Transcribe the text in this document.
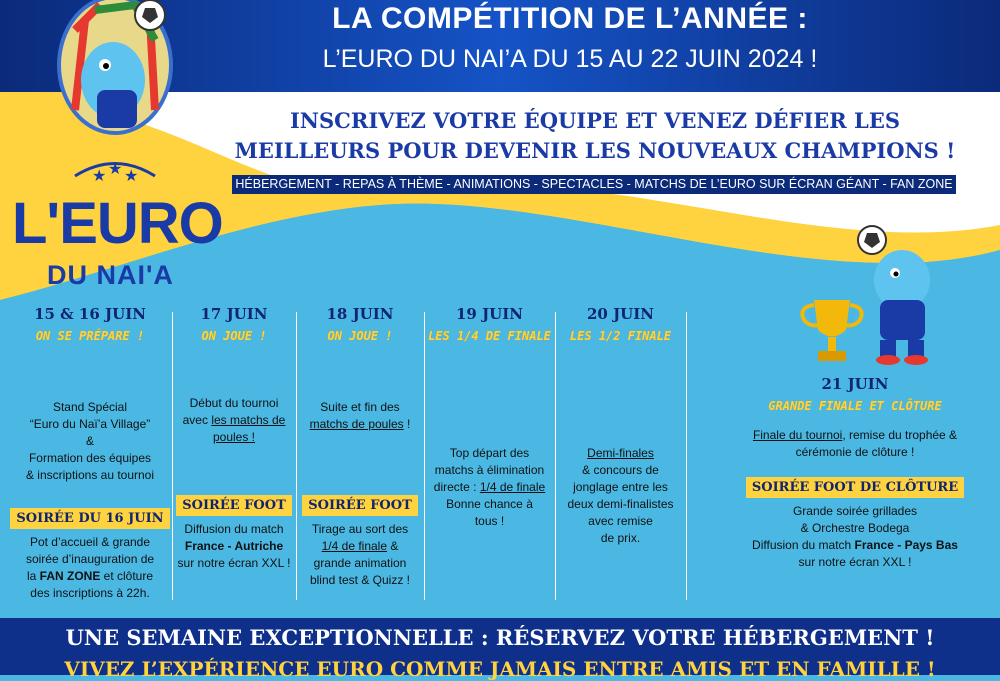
LA COMPÉTITION DE L’ANNÉE :
L’EURO DU NAI’A DU 15 AU 22 JUIN 2024 !
★ ★ ★
L'EURO
DU NAI'A
INSCRIVEZ VOTRE ÉQUIPE ET VENEZ DÉFIER LES
MEILLEURS POUR DEVENIR LES NOUVEAUX CHAMPIONS !
HÉBERGEMENT - REPAS À THÈME - ANIMATIONS - SPECTACLES - MATCHS DE L’EURO SUR ÉCRAN GÉANT - FAN ZONE
15 & 16 JUIN
ON SE PRÉPARE !
Stand Spécial
“Euro du Naï’a Village”
&
Formation des équipes
& inscriptions au tournoi
SOIRÉE DU 16 JUIN
Pot d’accueil & grande
soirée d’inauguration de
la FAN ZONE et clôture
des inscriptions à 22h.
17 JUIN
ON JOUE !
Début du tournoi
avec les matchs de
poules !
SOIRÉE FOOT
Diffusion du match
France - Autriche
sur notre écran XXL !
18 JUIN
ON JOUE !
Suite et fin des
matchs de poules !
SOIRÉE FOOT
Tirage au sort des
1/4 de finale &
grande animation
blind test & Quizz !
19 JUIN
LES 1/4 DE FINALE
Top départ des
matchs à élimination
directe : 1/4 de finale
Bonne chance à
tous !
20 JUIN
LES 1/2 FINALE
Demi-finales
& concours de
jonglage entre les
deux demi-finalistes
avec remise
de prix.
21 JUIN
GRANDE FINALE ET CLÔTURE
Finale du tournoi, remise du trophée &
cérémonie de clôture !
SOIRÉE FOOT DE CLÔTURE
Grande soirée grillades
& Orchestre Bodega
Diffusion du match France - Pays Bas
sur notre écran XXL !
UNE SEMAINE EXCEPTIONNELLE : RÉSERVEZ VOTRE HÉBERGEMENT !
VIVEZ L’EXPÉRIENCE EURO COMME JAMAIS ENTRE AMIS ET EN FAMILLE !
